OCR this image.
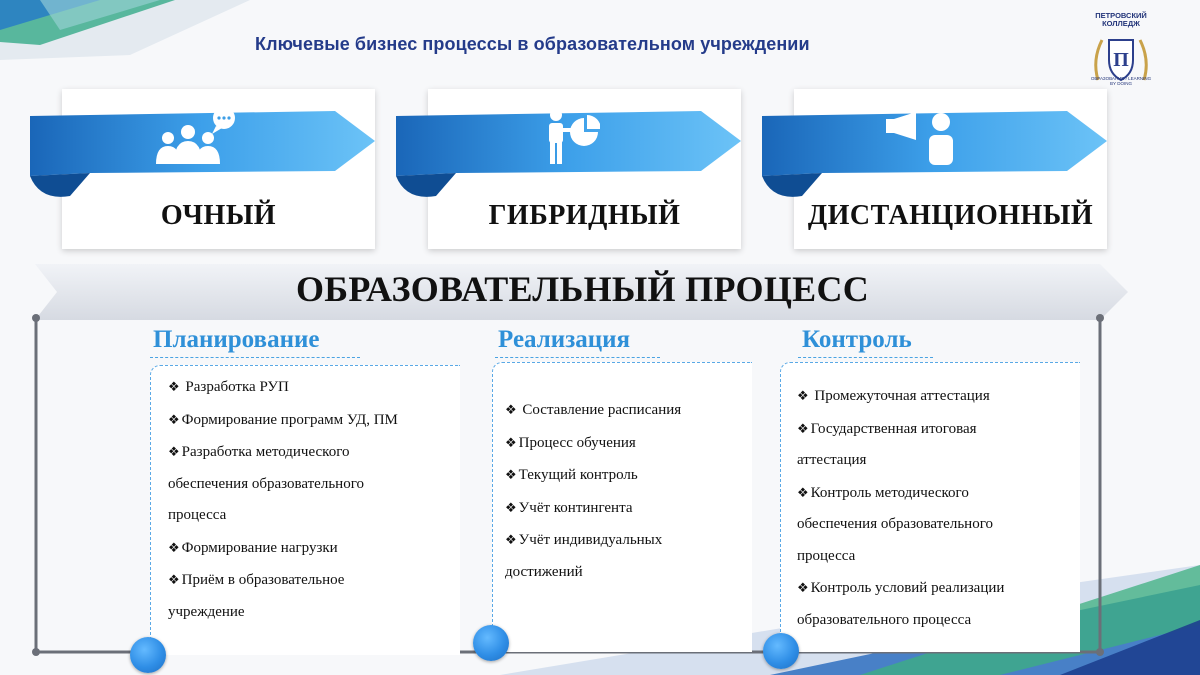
Ключевые бизнес процессы в образовательном учреждении
ПЕТРОВСКИЙ
КОЛЛЕДЖ
П
ОБРАЗОВАНИЕ / LEARNING BY DOING
ОЧНЫЙ	ГИБРИДНЫЙ	ДИСТАНЦИОННЫЙ
ОБРАЗОВАТЕЛЬНЫЙ ПРОЦЕСС
Планирование	Реализация	Контроль
❖ Разработка РУП
❖ Формирование программ УД, ПМ
❖ Разработка методического
обеспечения образовательного
процесса
❖ Формирование нагрузки
❖ Приём в образовательное
учреждение
❖ Составление расписания
❖ Процесс обучения
❖ Текущий контроль
❖ Учёт контингента
❖ Учёт индивидуальных
достижений
❖ Промежуточная аттестация
❖ Государственная итоговая
аттестация
❖ Контроль методического
обеспечения образовательного
процесса
❖ Контроль условий реализации
образовательного процесса
